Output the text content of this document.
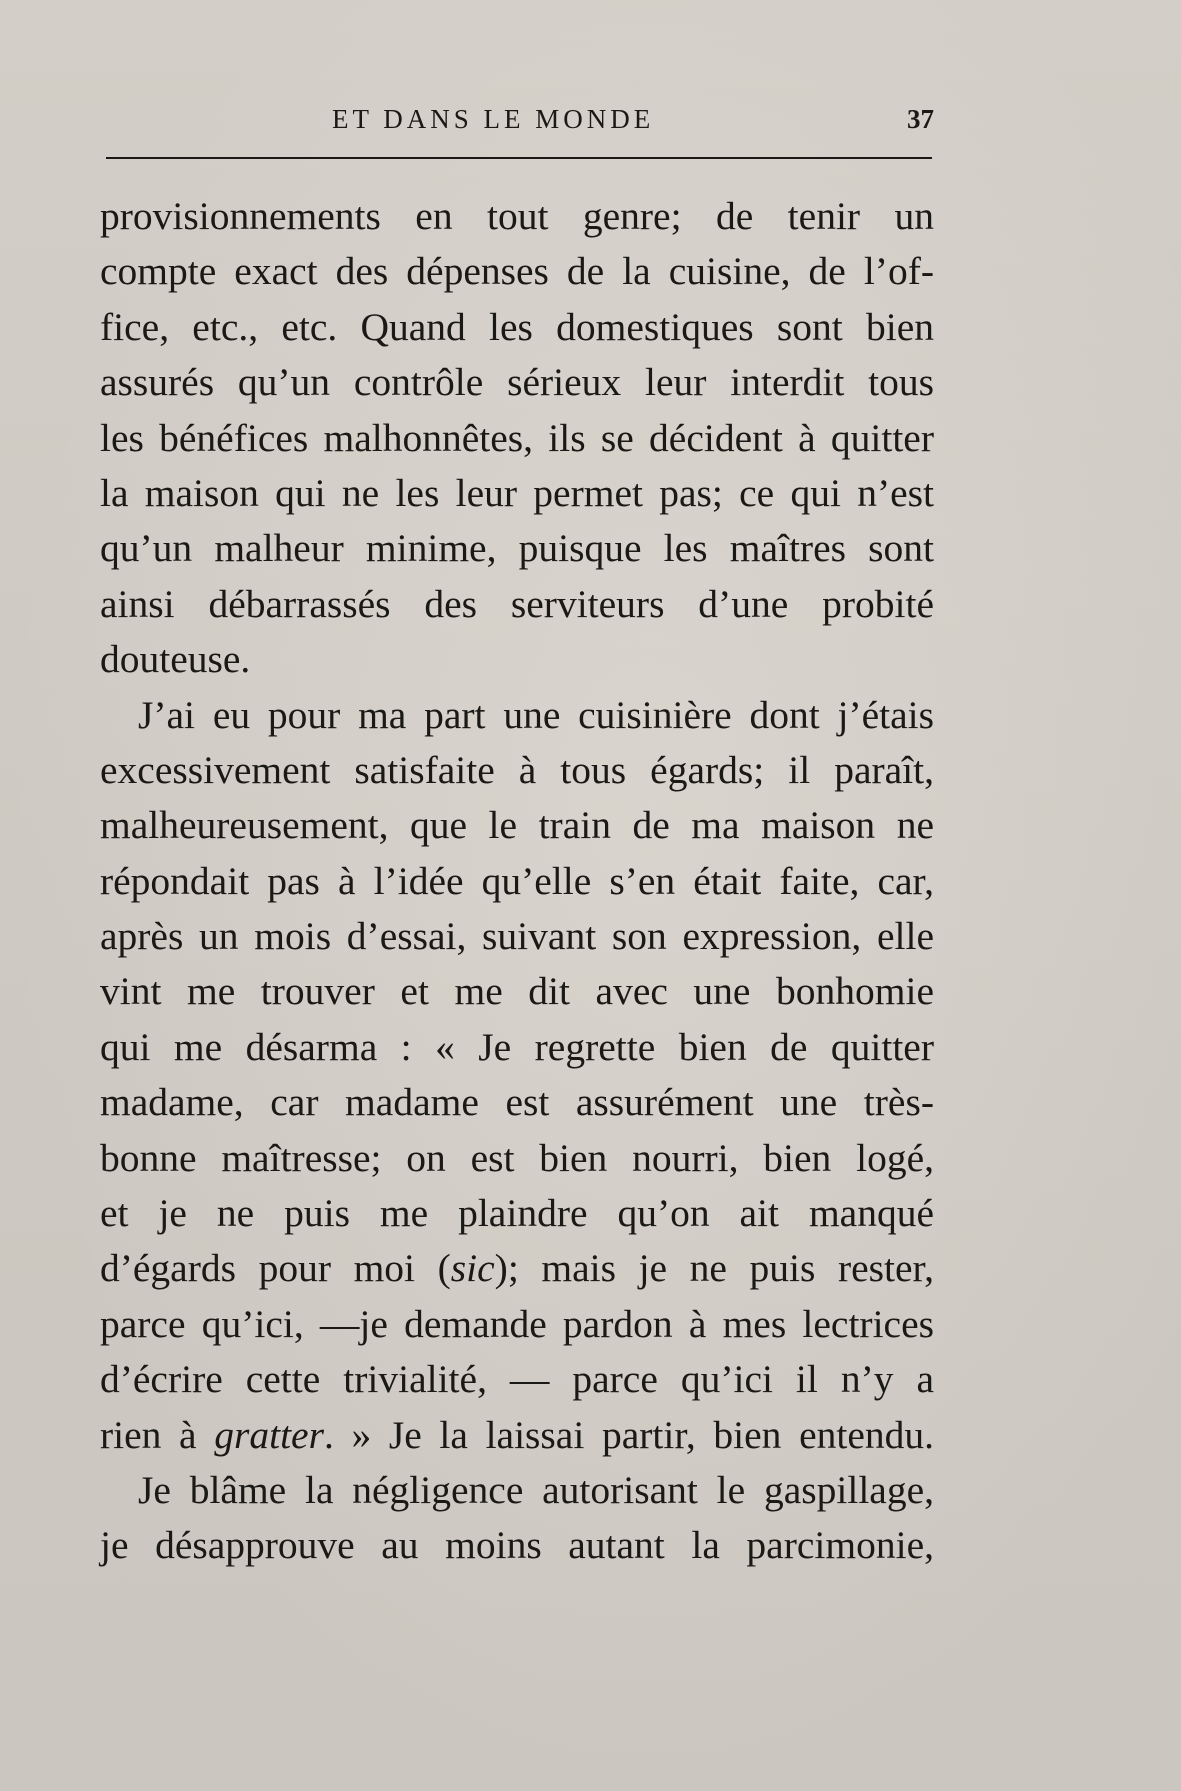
ET DANS LE MONDE	37
provisionnements en tout genre; de tenir un
compte exact des dépenses de la cuisine, de l’of-
fice, etc., etc. Quand les domestiques sont bien
assurés qu’un contrôle sérieux leur interdit tous
les bénéfices malhonnêtes, ils se décident à quitter
la maison qui ne les leur permet pas; ce qui n’est
qu’un malheur minime, puisque les maîtres sont
ainsi débarrassés des serviteurs d’une probité
douteuse.
J’ai eu pour ma part une cuisinière dont j’étais
excessivement satisfaite à tous égards; il paraît,
malheureusement, que le train de ma maison ne
répondait pas à l’idée qu’elle s’en était faite, car,
après un mois d’essai, suivant son expression, elle
vint me trouver et me dit avec une bonhomie
qui me désarma : « Je regrette bien de quitter
madame, car madame est assurément une très-
bonne maîtresse; on est bien nourri, bien logé,
et je ne puis me plaindre qu’on ait manqué
d’égards pour moi (sic); mais je ne puis rester,
parce qu’ici, —je demande pardon à mes lectrices
d’écrire cette trivialité, — parce qu’ici il n’y a
rien à gratter. » Je la laissai partir, bien entendu.
Je blâme la négligence autorisant le gaspillage,
je désapprouve au moins autant la parcimonie,
